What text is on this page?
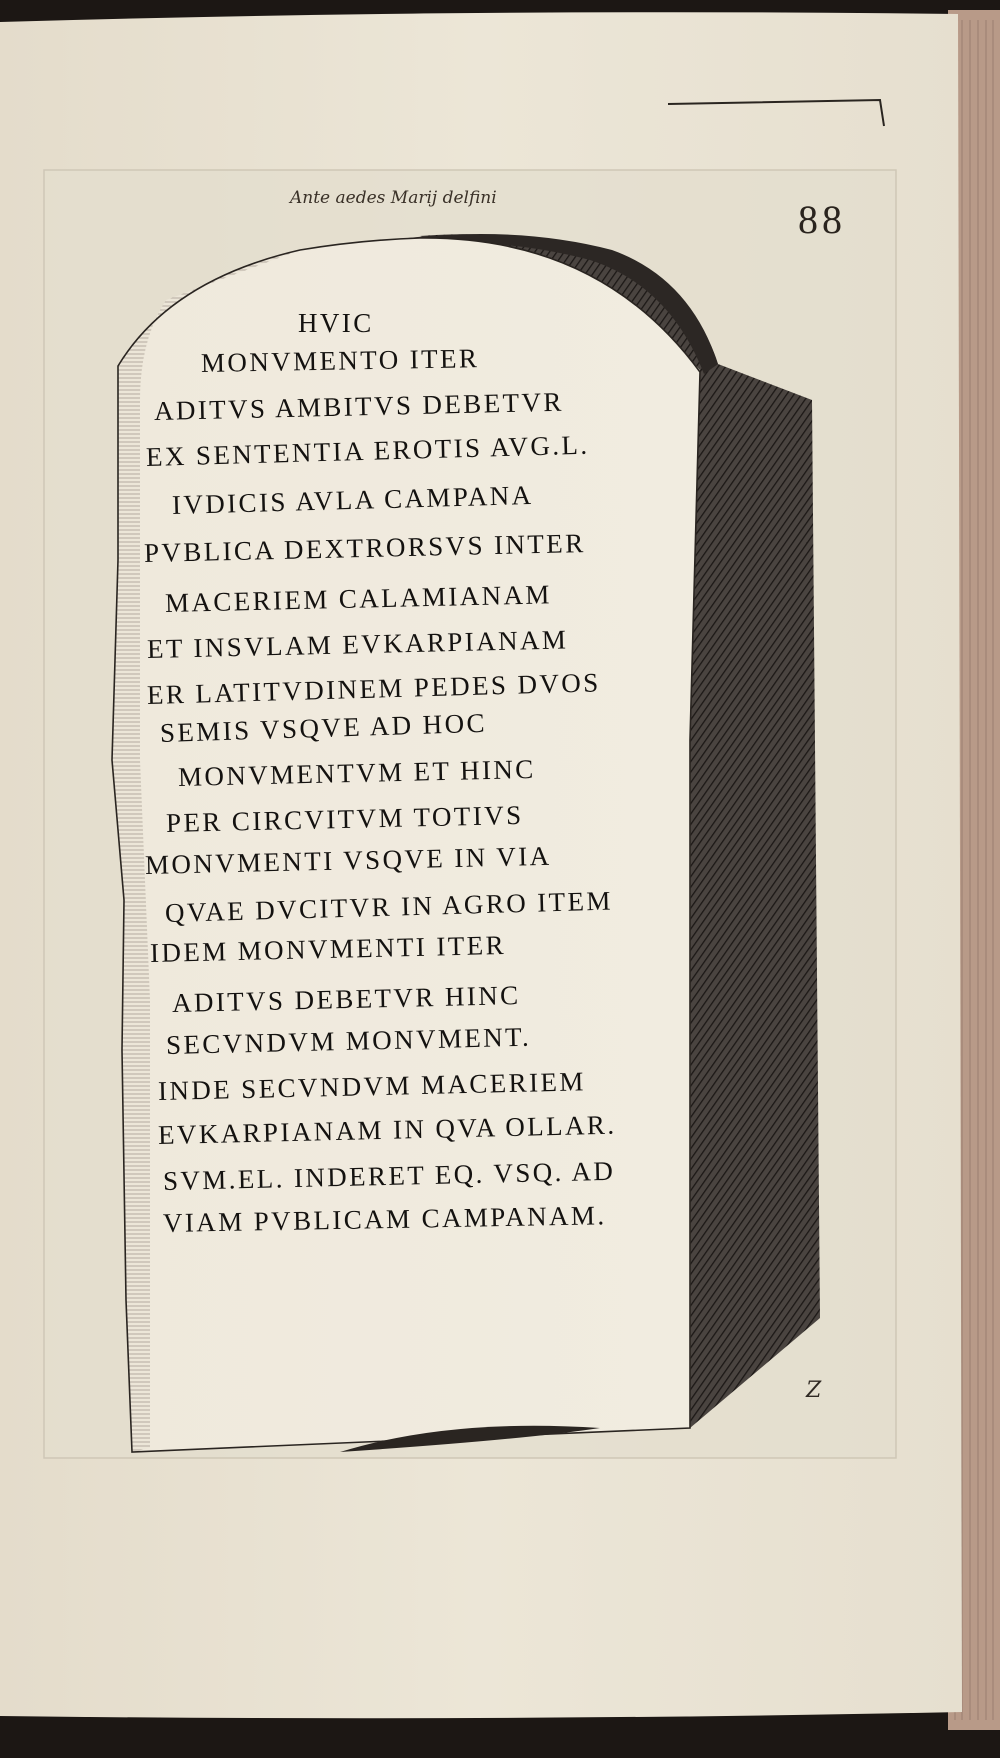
Ante aedes Marij delfini	88
Z
HVIC
MONVMENTO ITER
ADITVS AMBITVS DEBETVR
EX SENTENTIA EROTIS AVG.L.
IVDICIS AVLA CAMPANA
PVBLICA DEXTRORSVS INTER
MACERIEM CALAMIANAM
ET INSVLAM EVKARPIANAM
ER LATITVDINEM PEDES DVOS
SEMIS VSQVE AD HOC
MONVMENTVM ET HINC
PER CIRCVITVM TOTIVS
MONVMENTI VSQVE IN VIA
QVAE DVCITVR IN AGRO ITEM
IDEM MONVMENTI ITER
ADITVS DEBETVR HINC
SECVNDVM MONVMENT.
INDE SECVNDVM MACERIEM
EVKARPIANAM IN QVA OLLAR.
SVM.EL. INDERET EQ. VSQ. AD
VIAM PVBLICAM CAMPANAM.
